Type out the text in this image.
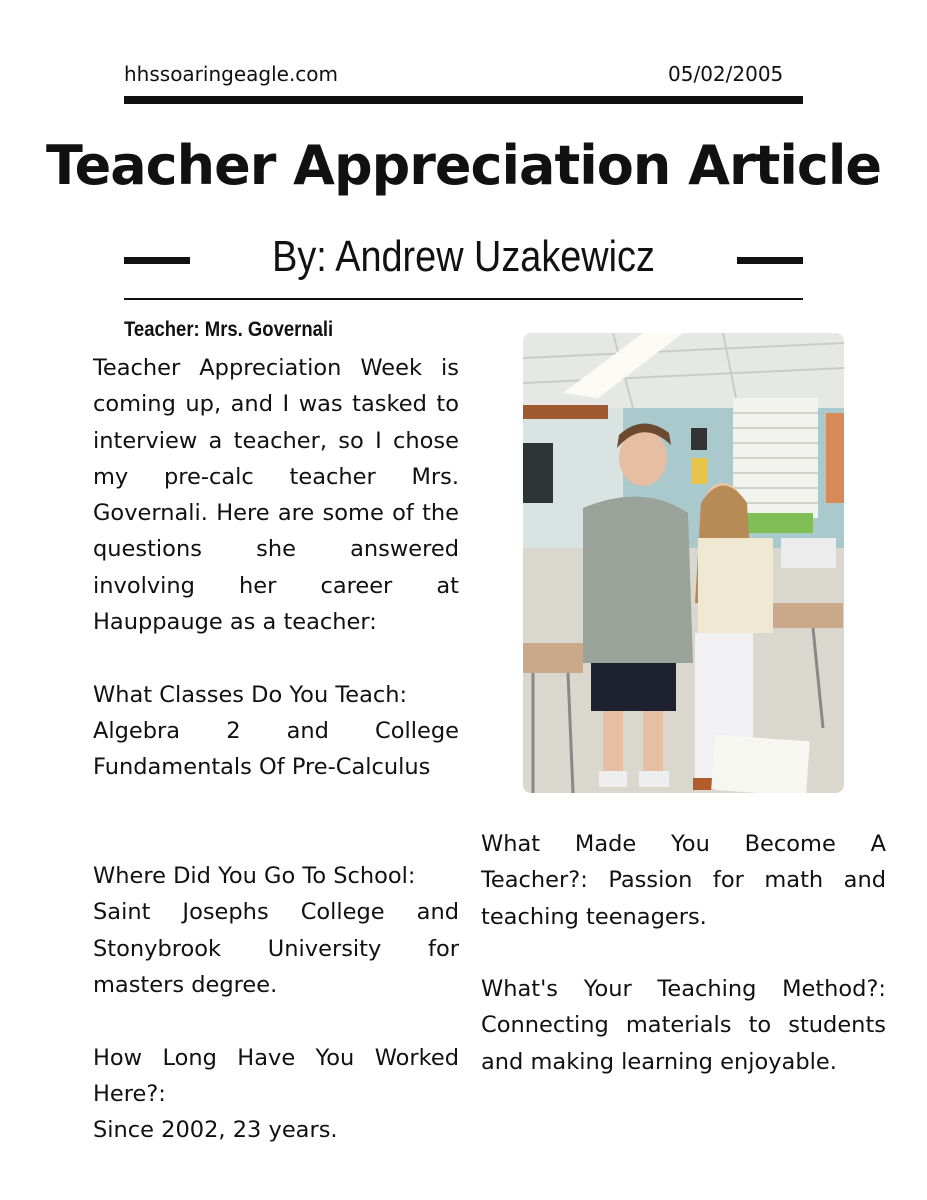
hhssoaringeagle.com	05/02/2005
Teacher Appreciation Article
By: Andrew Uzakewicz
Teacher: Mrs. Governali

Teacher Appreciation Week is coming up, and I was tasked to interview a teacher, so I chose my pre-calc teacher Mrs. Governali. Here are some of the questions she answered involving her career at Hauppauge as a teacher:

What Classes Do You Teach:

Algebra 2 and College Fundamentals Of Pre-Calculus

Where Did You Go To School:

Saint Josephs College and Stonybrook University for masters degree.

How Long Have You Worked Here?:

Since 2002, 23 years.

What Made You Become A Teacher?: Passion for math and teaching teenagers.

What's Your Teaching Method?: Connecting materials to students and making learning enjoyable.
